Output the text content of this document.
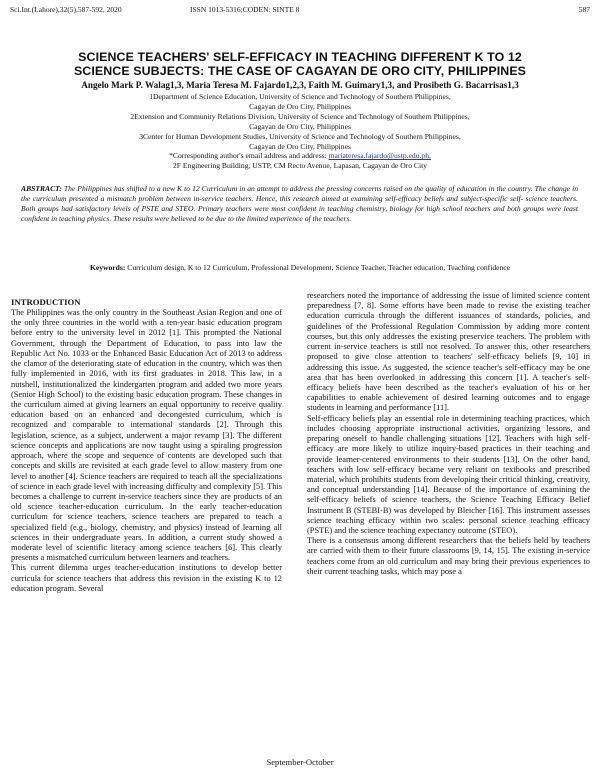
Sci.Int.(Lahore),32(5),587-592, 2020	ISSN 1013-5316;CODEN: SINTE 8	587
SCIENCE TEACHERS' SELF-EFFICACY IN TEACHING DIFFERENT K TO 12
SCIENCE SUBJECTS: THE CASE OF CAGAYAN DE ORO CITY, PHILIPPINES
Angelo Mark P. Walag1,3, Maria Teresa M. Fajardo1,2,3, Faith M. Guimary1,3, and Prosibeth G. Bacarrisas1,3
1Department of Science Education, University of Science and Technology of Southern Philippines,
Cagayan de Oro City, Philippines
2Extension and Community Relations Division, University of Science and Technology of Southern Philippines,
Cagayan de Oro City, Philippines
3Center for Human Development Studies, University of Science and Technology of Southern Philippines,
Cagayan de Oro City, Philippines
*Corresponding author's email address and address: mariateresa.fajardo@ustp.edu.ph,
2F Engineering Building, USTP, CM Recto Avenue, Lapasan, Cagayan de Oro City
ABSTRACT: The Philippines has shifted to a new K to 12 Curriculum in an attempt to address the pressing concerns raised on the quality of education in the country. The change in the curriculum presented a mismatch problem between in-service teachers. Hence, this research aimed at examining self-efficacy beliefs and subject-specific self- science teachers. Both groups had satisfactory levels of PSTE and STEO. Primary teachers were most confident in teaching chemistry, biology for high school teachers and both groups were least confident in teaching physics. These results were believed to be due to the limited experience of the teachers.
Keywords: Curriculum design, K to 12 Curriculum, Professional Development, Science Teacher, Teacher education, Teaching confidence
INTRODUCTION

The Philippines was the only country in the Southeast Asian Region and one of the only three countries in the world with a ten-year basic education program before entry to the university level in 2012 [1]. This prompted the National Government, through the Department of Education, to pass into law the Republic Act No. 1033 or the Enhanced Basic Education Act of 2013 to address the clamor of the deteriorating state of education in the country, which was then fully implemented in 2016, with its first graduates in 2018. This law, in a nutshell, institutionalized the kindergarten program and added two more years (Senior High School) to the existing basic education program. These changes in the curriculum aimed at giving learners an equal opportunity to receive quality education based on an enhanced and decongested curriculum, which is recognized and comparable to international standards [2]. Through this legislation, science, as a subject, underwent a major revamp [3]. The different science concepts and applications are now taught using a spiraling progression approach, where the scope and sequence of contents are developed such that concepts and skills are revisited at each grade level to allow mastery from one level to another [4]. Science teachers are required to teach all the specializations of science in each grade level with increasing difficulty and complexity [5]. This becomes a challenge to current in-service teachers since they are products of an old science teacher-education curriculum. In the early teacher-education curriculum for science teachers, science teachers are prepared to teach a specialized field (e.g., biology, chemistry, and physics) instead of learning all sciences in their undergraduate years. In addition, a current study showed a moderate level of scientific literacy among science teachers [6]. This clearly presents a mismatched curriculum between learners and teachers.

This current dilemma urges teacher-education institutions to develop better curricula for science teachers that address this revision in the existing K to 12 education program. Several

researchers noted the importance of addressing the issue of limited science content preparedness [7, 8]. Some efforts have been made to revise the existing teacher education curricula through the different issuances of standards, policies, and guidelines of the Professional Regulation Commission by adding more content courses, but this only addresses the existing preservice teachers. The problem with current in-service teachers is still not resolved. To answer this, other researchers proposed to give close attention to teachers' self-efficacy beliefs [9, 10] in addressing this issue. As suggested, the science teacher's self-efficacy may be one area that has been overlooked in addressing this concern [1]. A teacher's self-efficacy beliefs have been described as the teacher's evaluation of his or her capabilities to enable achievement of desired learning outcomes and to engage students in learning and performance [11].

Self-efficacy beliefs play an essential role in determining teaching practices, which includes choosing appropriate instructional activities, organizing lessons, and preparing oneself to handle challenging situations [12]. Teachers with high self-efficacy are more likely to utilize inquiry-based practices in their teaching and provide learner-centered environments to their students [13]. On the other hand, teachers with low self-efficacy became very reliant on textbooks and prescribed material, which prohibits students from developing their critical thinking, creativity, and conceptual understanding [14]. Because of the importance of examining the self-efficacy beliefs of science teachers, the Science Teaching Efficacy Belief Instrument B (STEBI-B) was developed by Bleicher [16]. This instrument assesses science teaching efficacy within two scales: personal science teaching efficacy (PSTE) and the science teaching expectancy outcome (STEO).

There is a consensus among different researchers that the beliefs held by teachers are carried with them to their future classrooms [9, 14, 15]. The existing in-service teachers come from an old curriculum and may bring their previous experiences to their current teaching tasks, which may pose a

September-October
